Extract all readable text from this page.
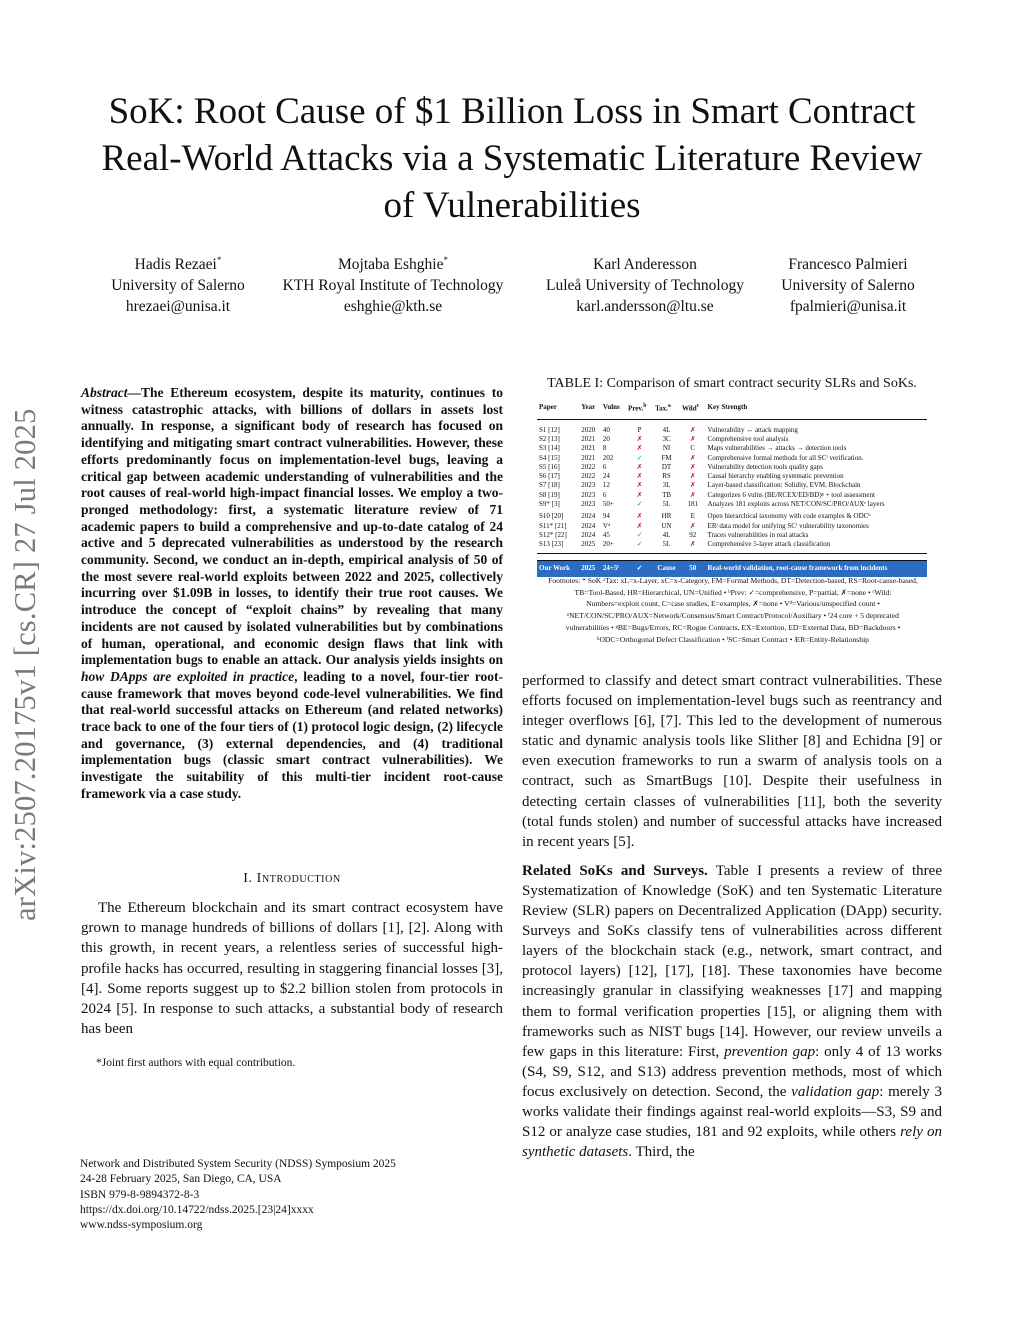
SoK: Root Cause of $1 Billion Loss in Smart Contract Real-World Attacks via a Systematic Literature Review of Vulnerabilities
Hadis Rezaei*
University of Salerno
hrezaei@unisa.it
Mojtaba Eshghie*
KTH Royal Institute of Technology
eshghie@kth.se
Karl Anderesson
Luleå University of Technology
karl.andersson@ltu.se
Francesco Palmieri
University of Salerno
fpalmieri@unisa.it
arXiv:2507.20175v1 [cs.CR] 27 Jul 2025
Abstract—The Ethereum ecosystem, despite its maturity, continues to witness catastrophic attacks, with billions of dollars in assets lost annually. In response, a significant body of research has focused on identifying and mitigating smart contract vulnerabilities. However, these efforts predominantly focus on implementation-level bugs, leaving a critical gap between academic understanding of vulnerabilities and the root causes of real-world high-impact financial losses. We employ a two-pronged methodology: first, a systematic literature review of 71 academic papers to build a comprehensive and up-to-date catalog of 24 active and 5 deprecated vulnerabilities as understood by the research community. Second, we conduct an in-depth, empirical analysis of 50 of the most severe real-world exploits between 2022 and 2025, collectively incurring over $1.09B in losses, to identify their true root causes. We introduce the concept of “exploit chains” by revealing that many incidents are not caused by isolated vulnerabilities but by combinations of human, operational, and economic design flaws that link with implementation bugs to enable an attack. Our analysis yields insights on how DApps are exploited in practice, leading to a novel, four-tier root-cause framework that moves beyond code-level vulnerabilities. We find that real-world successful attacks on Ethereum (and related networks) trace back to one of the four tiers of (1) protocol logic design, (2) lifecycle and governance, (3) external dependencies, and (4) traditional implementation bugs (classic smart contract vulnerabilities). We investigate the suitability of this multi-tier incident root-cause framework via a case study.
I. Introduction

The Ethereum blockchain and its smart contract ecosystem have grown to manage hundreds of billions of dollars [1], [2]. Along with this growth, in recent years, a relentless series of successful high-profile hacks has occurred, resulting in staggering financial losses [3], [4]. Some reports suggest up to $2.2 billion stolen from protocols in 2024 [5]. In response to such attacks, a substantial body of research has been

*Joint first authors with equal contribution.
Network and Distributed System Security (NDSS) Symposium 2025
24-28 February 2025, San Diego, CA, USA
ISBN 979-8-9894372-8-3
https://dx.doi.org/10.14722/ndss.2025.[23|24]xxxx
www.ndss-symposium.org
TABLE I: Comparison of smart contract security SLRs and SoKs.
Paper	Year	Vulns	Prev.$^b$	Tax.$^a$	Wild$^c$	Key Strength
S1 [12]	2020	40	P	4L	✗	Vulnerability ↔ attack mapping
S2 [13]	2021	20	✗	3C	✗	Comprehensive tool analysis
S3 [14]	2021	8	✗	NI	C	Maps vulnerabilities → attacks → detection tools
S4 [15]	2021	202	✓	FM	✗	Comprehensive formal methods for all SCⁱ verification.
S5 [16]	2022	6	✗	DT	✗	Vulnerability detection tools quality gaps
S6 [17]	2022	24	✗	RS	✗	Causal hierarchy enabling systematic prevention
S7 [18]	2023	12	✗	3L	✗	Layer-based classification: Solidity, EVM, Blockchain
S8 [19]	2023	6	✗	TB	✗	Categorizes 6 vulns (BE/RCEX/ED/BD)ᵍ + tool assessment
S9* [3]	2023	50+	✓	5L	181	Analyzes 181 exploits across NET/CON/SC/PRO/AUXᵉ layers
S10 [20]	2024	94	✗	HR	E	Open hierarchical taxonomy with code examples & ODCʰ
S11* [21]	2024	Vᵈ	✗	UN	✗	ERʲ data model for unifying SCⁱ vulnerability taxonomies
S12* [22]	2024	45	✓	4L	92	Traces vulnerabilities in real attacks
S13 [23]	2025	20+	✓	5L	✗	Comprehensive 5-layer attack classification

Our Work	2025	24+5ᶠ	✓	Cause	50	Real-world validation, root-cause framework from incidents
Footnotes: * SoK ᵃTax: xL=x-Layer, xC=x-Category, FM=Formal Methods, DT=Detection-based, RS=Root-cause-based,
TB=Tool-Based, HR=Hierarchical, UN=Unified • ᵇPrev: ✓=comprehensive, P=partial, ✗=none • ᶜWild:
Numbers=exploit count, C=case studies, E=examples, ✗=none • Vᵈ=Various/unspecified count •
ᵉNET/CON/SC/PRO/AUX=Network/Consensus/Smart Contract/Protocol/Auxiliary • ᶠ24 core + 5 deprecated
vulnerabilities • ᵍBE=Bugs/Errors, RC=Rogue Contracts, EX=Extortion, ED=External Data, BD=Backdoors •
ʰODC=Orthogonal Defect Classification • ⁱSC=Smart Contract • ʲER=Entity-Relationship

performed to classify and detect smart contract vulnerabilities. These efforts focused on implementation-level bugs such as reentrancy and integer overflows [6], [7]. This led to the development of numerous static and dynamic analysis tools like Slither [8] and Echidna [9] or even execution frameworks to run a swarm of analysis tools on a contract, such as SmartBugs [10]. Despite their usefulness in detecting certain classes of vulnerabilities [11], both the severity (total funds stolen) and number of successful attacks have increased in recent years [5].

Related SoKs and Surveys. Table I presents a review of three Systematization of Knowledge (SoK) and ten Systematic Literature Review (SLR) papers on Decentralized Application (DApp) security. Surveys and SoKs classify tens of vulnerabilities across different layers of the blockchain stack (e.g., network, smart contract, and protocol layers) [12], [17], [18]. These taxonomies have become increasingly granular in classifying weaknesses [17] and mapping them to formal verification properties [15], or aligning them with frameworks such as NIST bugs [14]. However, our review unveils a few gaps in this literature: First, prevention gap: only 4 of 13 works (S4, S9, S12, and S13) address prevention methods, most of which focus exclusively on detection. Second, the validation gap: merely 3 works validate their findings against real-world exploits—S3, S9 and S12 or analyze case studies, 181 and 92 exploits, while others rely on synthetic datasets. Third, the
